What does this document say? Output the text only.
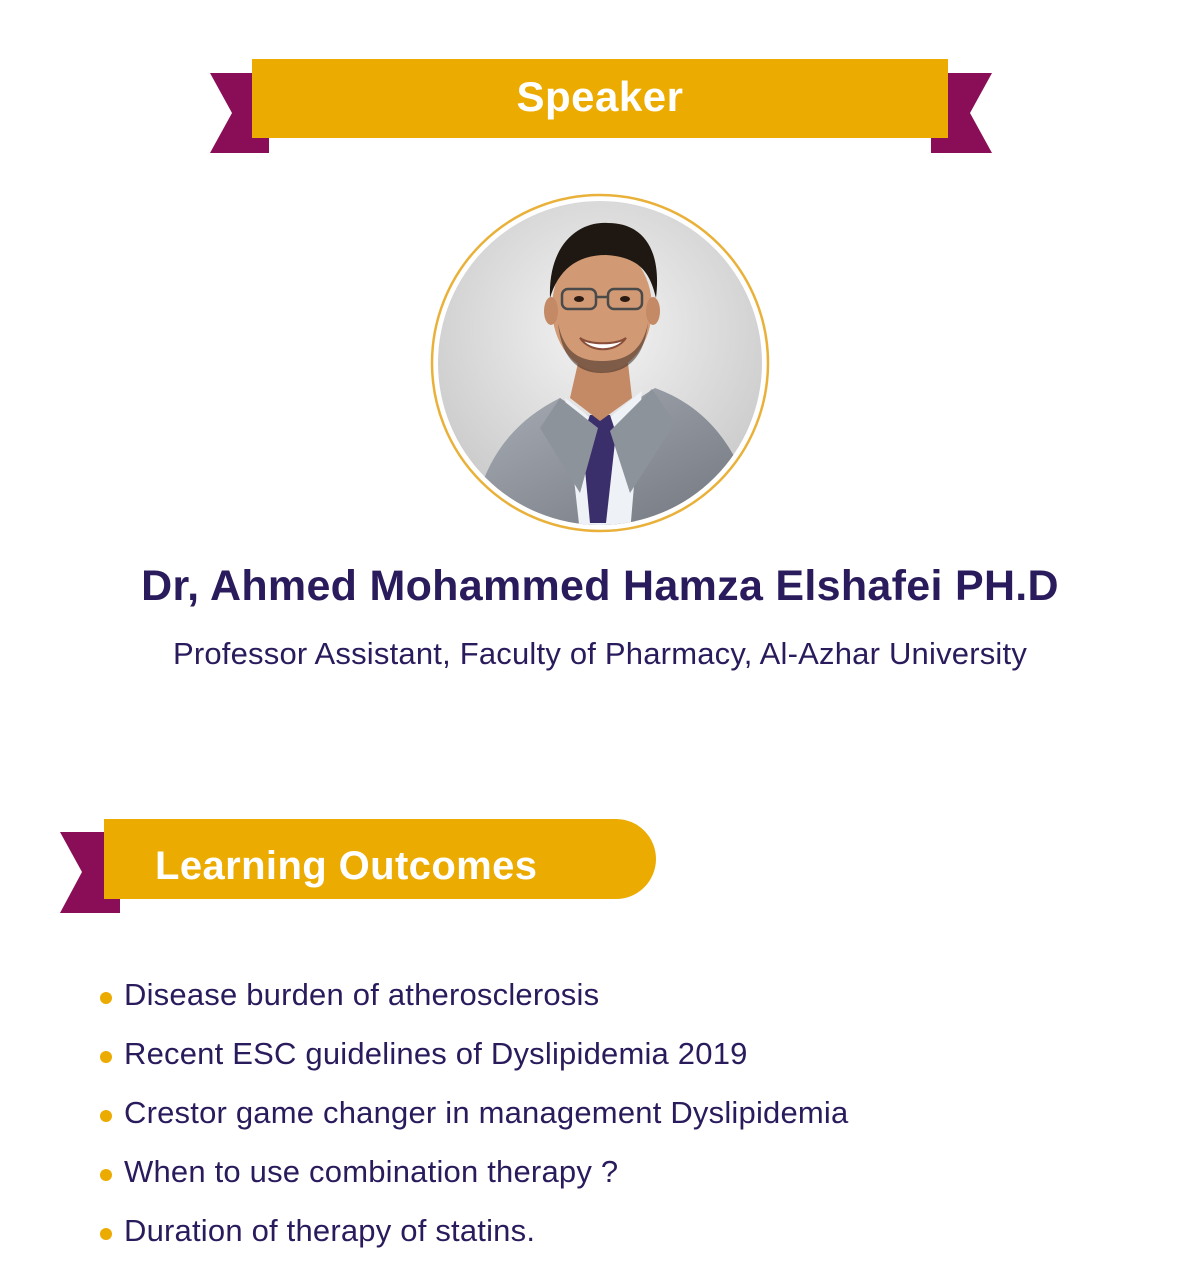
Speaker
Dr, Ahmed Mohammed Hamza Elshafei PH.D
Professor Assistant, Faculty of Pharmacy, Al-Azhar University
Learning Outcomes
Disease burden of atherosclerosis
Recent ESC guidelines of Dyslipidemia 2019
Crestor game changer in management Dyslipidemia
When to use combination therapy ?
Duration of therapy of statins.
